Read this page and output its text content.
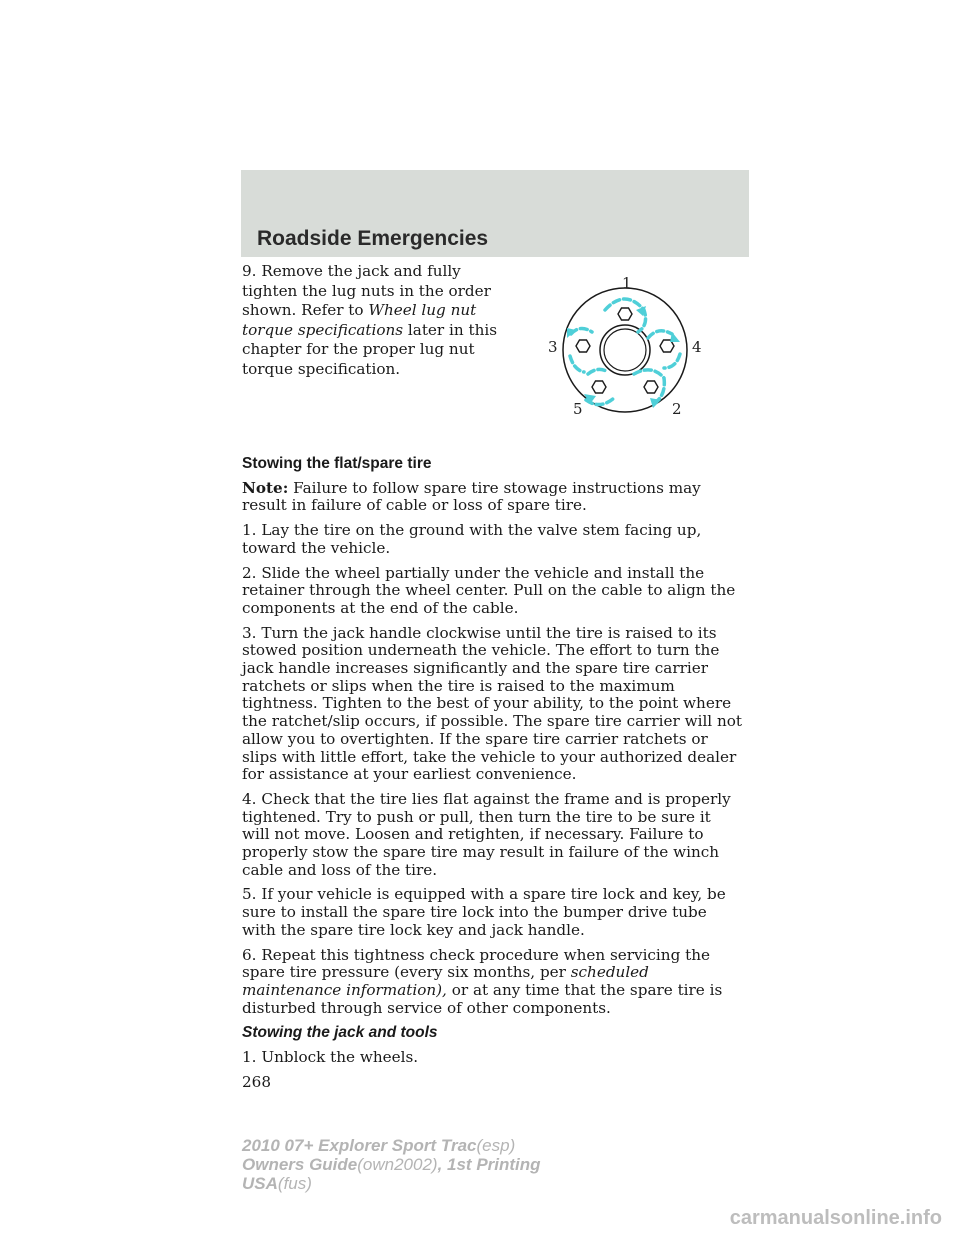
Roadside Emergencies

9. Remove the jack and fully tighten the lug nuts in the order shown. Refer to Wheel lug nut torque specifications later in this chapter for the proper lug nut torque specification.

1
2
3	4
5
Stowing the flat/spare tire

Note: Failure to follow spare tire stowage instructions may result in failure of cable or loss of spare tire.

1. Lay the tire on the ground with the valve stem facing up, toward the vehicle.

2. Slide the wheel partially under the vehicle and install the retainer through the wheel center. Pull on the cable to align the components at the end of the cable.

3. Turn the jack handle clockwise until the tire is raised to its stowed position underneath the vehicle. The effort to turn the jack handle increases significantly and the spare tire carrier ratchets or slips when the tire is raised to the maximum tightness. Tighten to the best of your ability, to the point where the ratchet/slip occurs, if possible. The spare tire carrier will not allow you to overtighten. If the spare tire carrier ratchets or slips with little effort, take the vehicle to your authorized dealer for assistance at your earliest convenience.

4. Check that the tire lies flat against the frame and is properly tightened. Try to push or pull, then turn the tire to be sure it will not move. Loosen and retighten, if necessary. Failure to properly stow the spare tire may result in failure of the winch cable and loss of the tire.

5. If your vehicle is equipped with a spare tire lock and key, be sure to install the spare tire lock into the bumper drive tube with the spare tire lock key and jack handle.

6. Repeat this tightness check procedure when servicing the spare tire pressure (every six months, per scheduled maintenance information), or at any time that the spare tire is disturbed through service of other components.

Stowing the jack and tools

1. Unblock the wheels.

268
2010 07+ Explorer Sport Trac(esp)
Owners Guide(own2002), 1st Printing
USA(fus)
carmanualsonline.info
